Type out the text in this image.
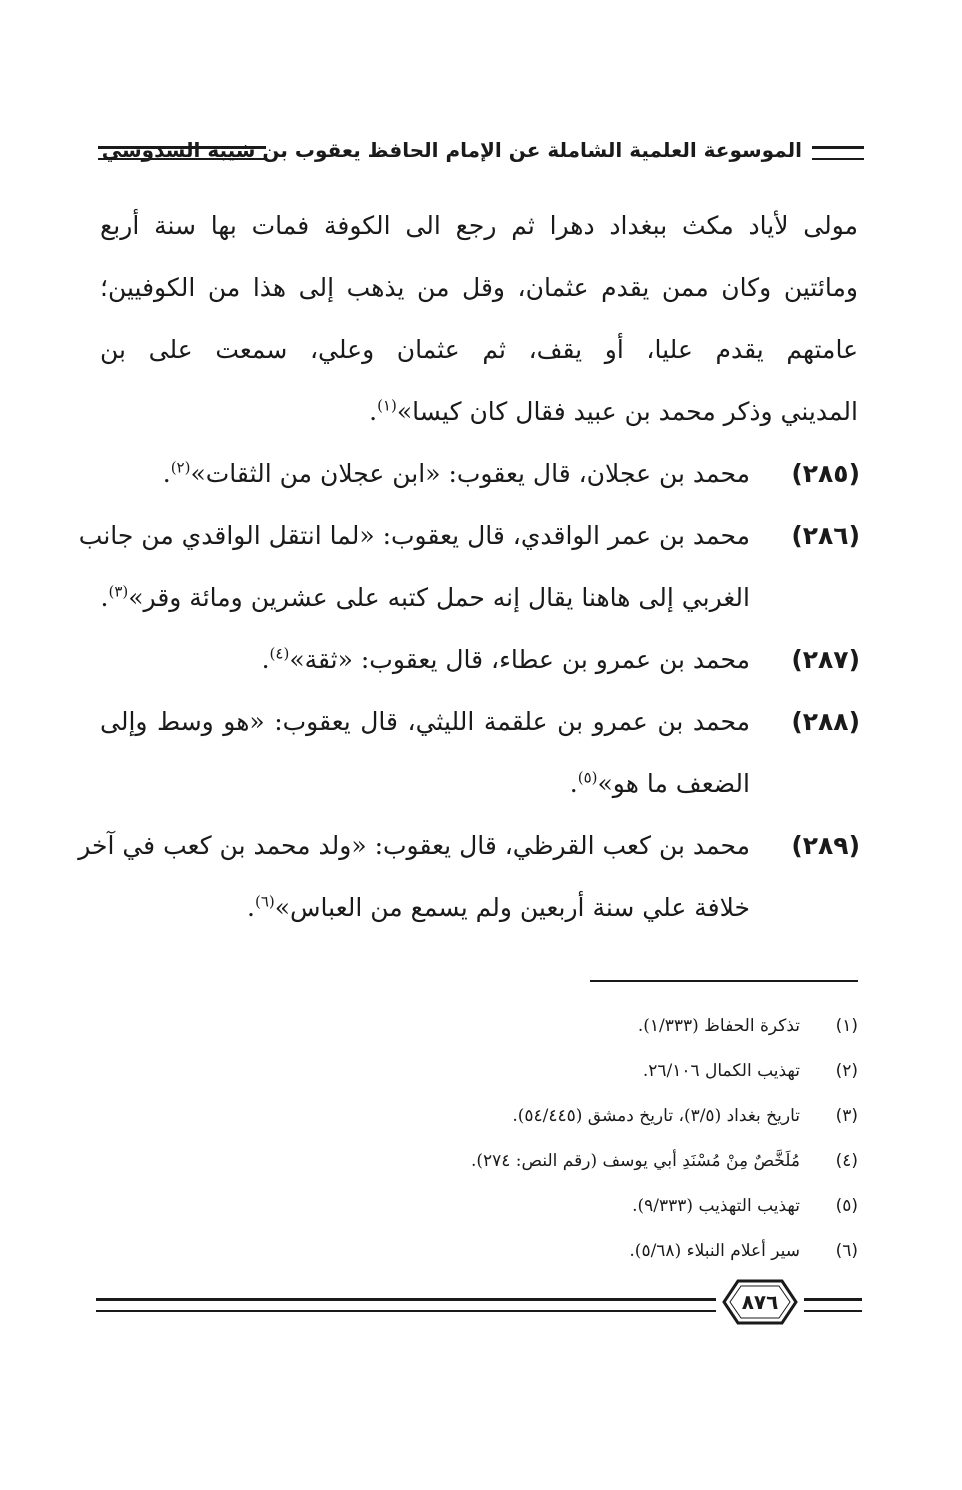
الموسوعة العلمية الشاملة عن الإمام الحافظ يعقوب بن شيبة السدوسي
مولى لأياد مكث ببغداد دهرا ثم رجع الى الكوفة فمات بها سنة أربع
ومائتين وكان ممن يقدم عثمان، وقل من يذهب إلى هذا من الكوفيين؛
عامتهم يقدم عليا، أو يقف، ثم عثمان وعلي، سمعت على بن
المديني وذكر محمد بن عبيد فقال كان كيسا»$^{(١)}$.
(٢٨٥)
محمد بن عجلان، قال يعقوب: «ابن عجلان من الثقات»$^{(٢)}$.
(٢٨٦)
محمد بن عمر الواقدي، قال يعقوب: «لما انتقل الواقدي من جانب
الغربي إلى هاهنا يقال إنه حمل كتبه على عشرين ومائة وقر»$^{(٣)}$.
(٢٨٧)
محمد بن عمرو بن عطاء، قال يعقوب: «ثقة»$^{(٤)}$.
(٢٨٨)
محمد بن عمرو بن علقمة الليثي، قال يعقوب: «هو وسط وإلى
الضعف ما هو»$^{(٥)}$.
(٢٨٩)
محمد بن كعب القرظي، قال يعقوب: «ولد محمد بن كعب في آخر
خلافة علي سنة أربعين ولم يسمع من العباس»$^{(٦)}$.
(١)تذكرة الحفاظ (١/٣٣٣).
(٢)تهذيب الكمال ٢٦/١٠٦.
(٣)تاريخ بغداد (٣/٥)، تاريخ دمشق (٥٤/٤٤٥).
(٤)مُلَخَّصٌ مِنْ مُسْنَدِ أبي يوسف (رقم النص: ٢٧٤).
(٥)تهذيب التهذيب (٩/٣٣٣).
(٦)سير أعلام النبلاء (٥/٦٨).
٨٧٦
